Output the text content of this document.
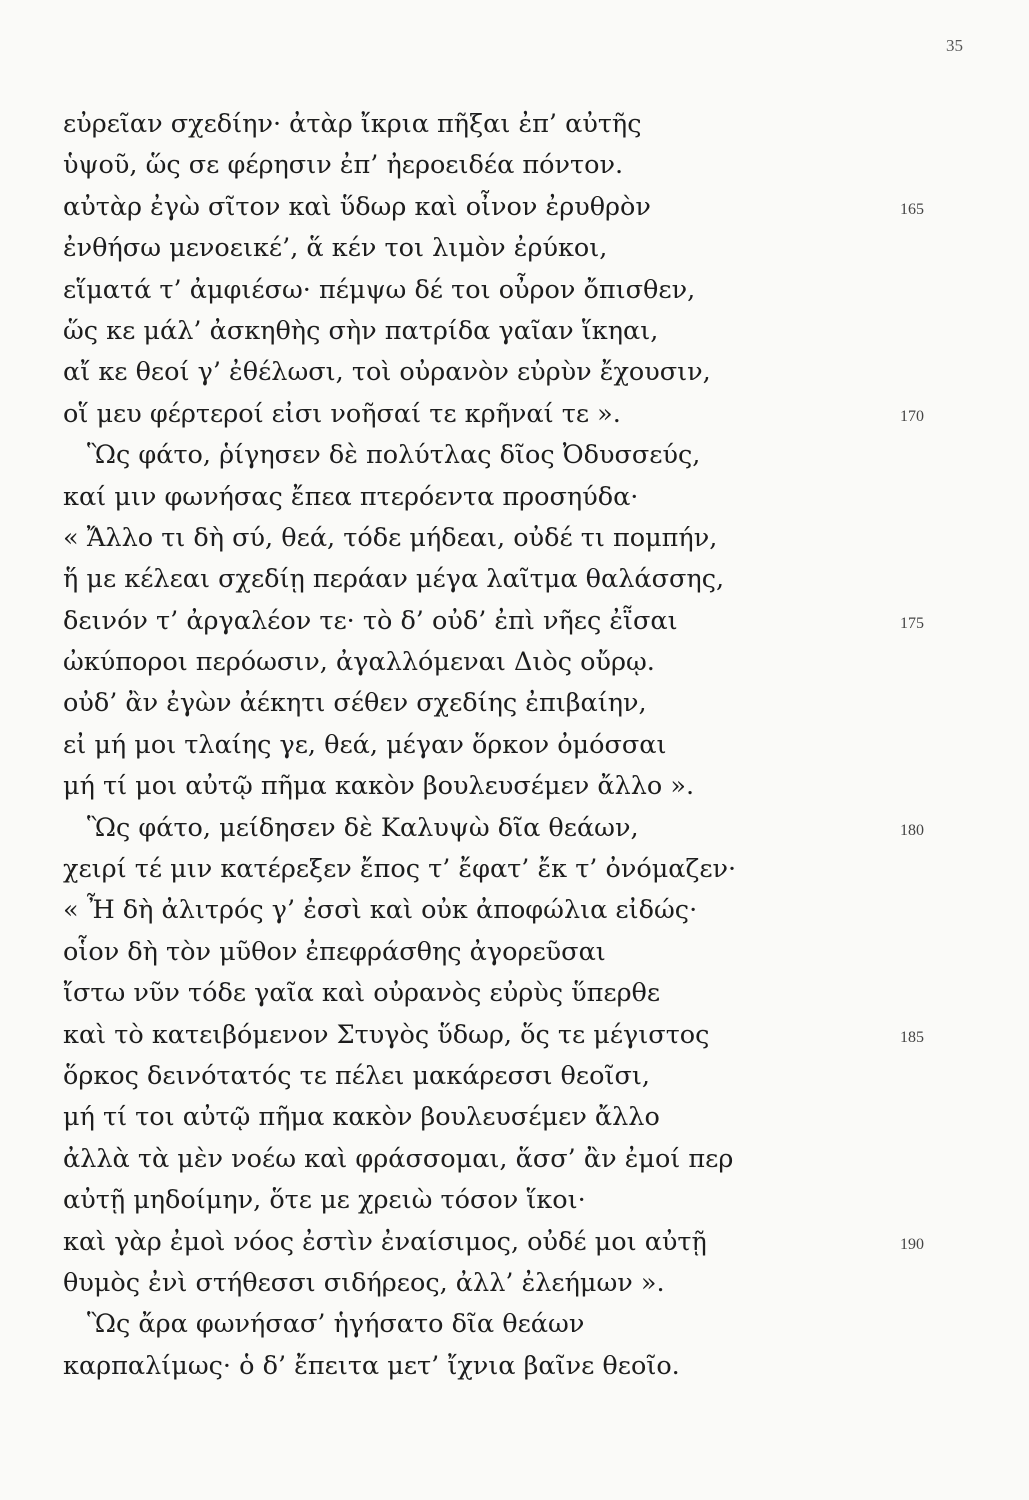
35
εὐρεῖαν σχεδίην· ἀτὰρ ἴκρια πῆξαι ἐπ’ αὐτῆς
ὑψοῦ, ὥς σε φέρησιν ἐπ’ ἠεροειδέα πόντον.
αὐτὰρ ἐγὼ σῖτον καὶ ὕδωρ καὶ οἶνον ἐρυθρὸν	165
ἐνθήσω μενοεικέ’, ἅ κέν τοι λιμὸν ἐρύκοι,
εἵματά τ’ ἀμφιέσω· πέμψω δέ τοι οὖρον ὄπισθεν,
ὥς κε μάλ’ ἀσκηθὴς σὴν πατρίδα γαῖαν ἵκηαι,
αἴ κε θεοί γ’ ἐθέλωσι, τοὶ οὐρανὸν εὐρὺν ἔχουσιν,
οἵ μευ φέρτεροί εἰσι νοῆσαί τε κρῆναί τε ».	170
Ὣς φάτο, ῥίγησεν δὲ πολύτλας δῖος Ὀδυσσεύς,
καί μιν φωνήσας ἔπεα πτερόεντα προσηύδα·
« Ἄλλο τι δὴ σύ, θεά, τόδε μήδεαι, οὐδέ τι πομπήν,
ἥ με κέλεαι σχεδίῃ περάαν μέγα λαῖτμα θαλάσσης,
δεινόν τ’ ἀργαλέον τε· τὸ δ’ οὐδ’ ἐπὶ νῆες ἐῗσαι	175
ὠκύποροι περόωσιν, ἀγαλλόμεναι Διὸς οὔρῳ.
οὐδ’ ἂν ἐγὼν ἀέκητι σέθεν σχεδίης ἐπιβαίην,
εἰ μή μοι τλαίης γε, θεά, μέγαν ὅρκον ὀμόσσαι
μή τί μοι αὐτῷ πῆμα κακὸν βουλευσέμεν ἄλλο ».
Ὣς φάτο, μείδησεν δὲ Καλυψὼ δῖα θεάων,	180
χειρί τέ μιν κατέρεξεν ἔπος τ’ ἔφατ’ ἔκ τ’ ὀνόμαζεν·
« Ἦ δὴ ἀλιτρός γ’ ἐσσὶ καὶ οὐκ ἀποφώλια εἰδώς·
οἷον δὴ τὸν μῦθον ἐπεφράσθης ἀγορεῦσαι
ἴστω νῦν τόδε γαῖα καὶ οὐρανὸς εὐρὺς ὕπερθε
καὶ τὸ κατειβόμενον Στυγὸς ὕδωρ, ὅς τε μέγιστος	185
ὅρκος δεινότατός τε πέλει μακάρεσσι θεοῖσι,
μή τί τοι αὐτῷ πῆμα κακὸν βουλευσέμεν ἄλλο
ἀλλὰ τὰ μὲν νοέω καὶ φράσσομαι, ἅσσ’ ἂν ἐμοί περ
αὐτῇ μηδοίμην, ὅτε με χρειὼ τόσον ἵκοι·
καὶ γὰρ ἐμοὶ νόος ἐστὶν ἐναίσιμος, οὐδέ μοι αὐτῇ	190
θυμὸς ἐνὶ στήθεσσι σιδήρεος, ἀλλ’ ἐλεήμων ».
Ὣς ἄρα φωνήσασ’ ἡγήσατο δῖα θεάων
καρπαλίμως· ὁ δ’ ἔπειτα μετ’ ἴχνια βαῖνε θεοῖο.
